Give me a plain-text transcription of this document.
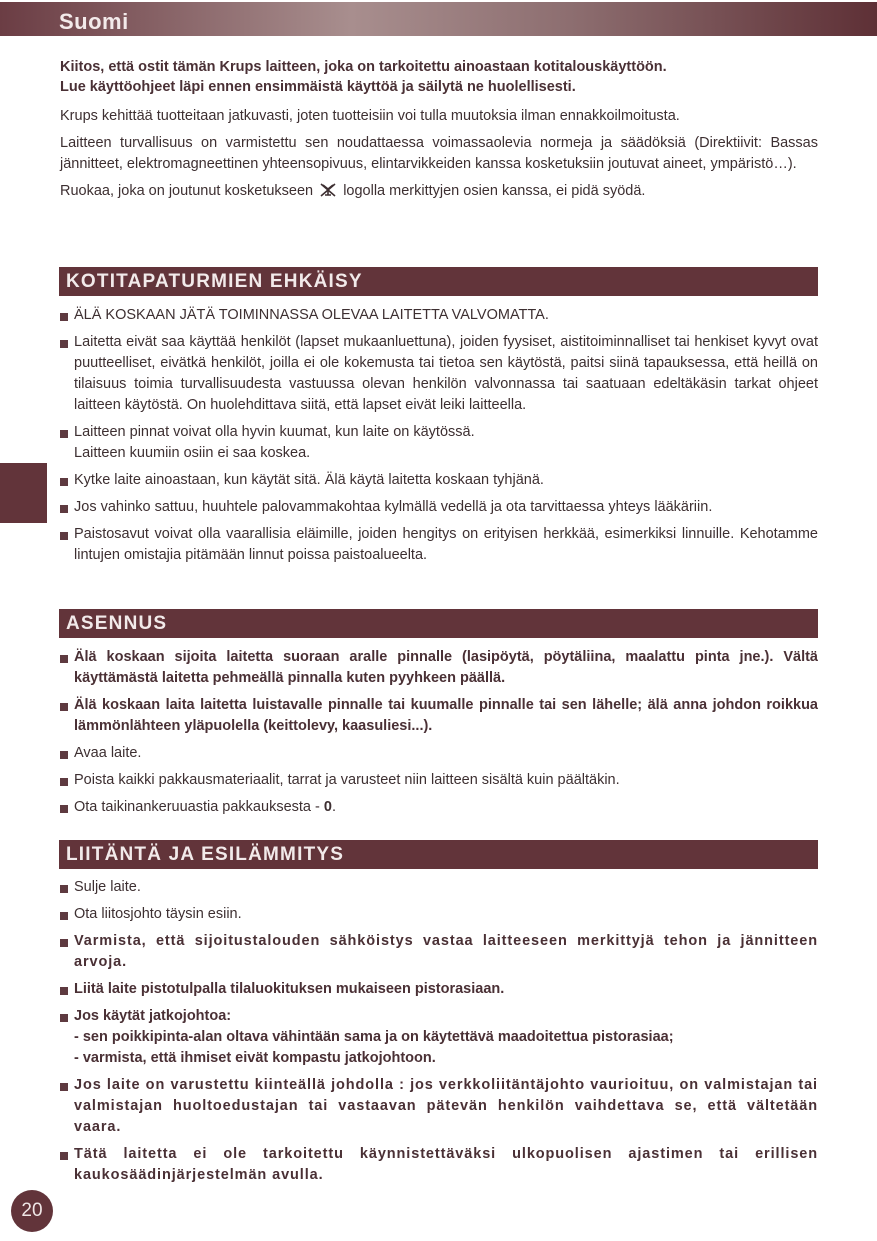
Suomi

Kiitos, että ostit tämän Krups laitteen, joka on tarkoitettu ainoastaan kotitalouskäyttöön.
Lue käyttöohjeet läpi ennen ensimmäistä käyttöä ja säilytä ne huolellisesti.

Krups kehittää tuotteitaan jatkuvasti, joten tuotteisiin voi tulla muutoksia ilman ennakkoilmoitusta.

Laitteen turvallisuus on varmistettu sen noudattaessa voimassaolevia normeja ja säädöksiä (Direktiivit: Bassas jännitteet, elektromagneettinen yhteensopivuus, elintarvikkeiden kanssa kosketuksiin joutuvat aineet, ympäristö…).

Ruokaa, joka on joutunut kosketukseen logolla merkittyjen osien kanssa, ei pidä syödä.

KOTITAPATURMIEN EHKÄISY
ÄLÄ KOSKAAN JÄTÄ TOIMINNASSA OLEVAA LAITETTA VALVOMATTA.
Laitetta eivät saa käyttää henkilöt (lapset mukaanluettuna), joiden fyysiset, aistitoiminnalliset tai henkiset kyvyt ovat puutteelliset, eivätkä henkilöt, joilla ei ole kokemusta tai tietoa sen käytöstä, paitsi siinä tapauksessa, että heillä on tilaisuus toimia turvallisuudesta vastuussa olevan henkilön valvonnassa tai saatuaan edeltäkäsin tarkat ohjeet laitteen käytöstä. On huolehdittava siitä, että lapset eivät leiki laitteella.
Laitteen pinnat voivat olla hyvin kuumat, kun laite on käytössä.
Laitteen kuumiin osiin ei saa koskea.
Kytke laite ainoastaan, kun käytät sitä. Älä käytä laitetta koskaan tyhjänä.
Jos vahinko sattuu, huuhtele palovammakohtaa kylmällä vedellä ja ota tarvittaessa yhteys lääkäriin.
Paistosavut voivat olla vaarallisia eläimille, joiden hengitys on erityisen herkkää, esimerkiksi linnuille. Kehotamme lintujen omistajia pitämään linnut poissa paistoalueelta.
ASENNUS
Älä koskaan sijoita laitetta suoraan aralle pinnalle (lasipöytä, pöytäliina, maalattu pinta jne.). Vältä käyttämästä laitetta pehmeällä pinnalla kuten pyyhkeen päällä.
Älä koskaan laita laitetta luistavalle pinnalle tai kuumalle pinnalle tai sen lähelle; älä anna johdon roikkua lämmönlähteen yläpuolella (keittolevy, kaasuliesi...).
Avaa laite.
Poista kaikki pakkausmateriaalit, tarrat ja varusteet niin laitteen sisältä kuin päältäkin.
Ota taikinankeruuastia pakkauksesta - 0.
LIITÄNTÄ JA ESILÄMMITYS
Sulje laite.
Ota liitosjohto täysin esiin.
Varmista, että sijoitustalouden sähköistys vastaa laitteeseen merkittyjä tehon ja jännitteen arvoja.
Liitä laite pistotulpalla tilaluokituksen mukaiseen pistorasiaan.
Jos käytät jatkojohtoa:
- sen poikkipinta-alan oltava vähintään sama ja on käytettävä maadoitettua pistorasiaa;
- varmista, että ihmiset eivät kompastu jatkojohtoon.
Jos laite on varustettu kiinteällä johdolla : jos verkkoliitäntäjohto vaurioituu, on valmistajan tai valmistajan huoltoedustajan tai vastaavan pätevän henkilön vaihdettava se, että vältetään vaara.
Tätä laitetta ei ole tarkoitettu käynnistettäväksi ulkopuolisen ajastimen tai erillisen kaukosäädinjärjestelmän avulla.
20
